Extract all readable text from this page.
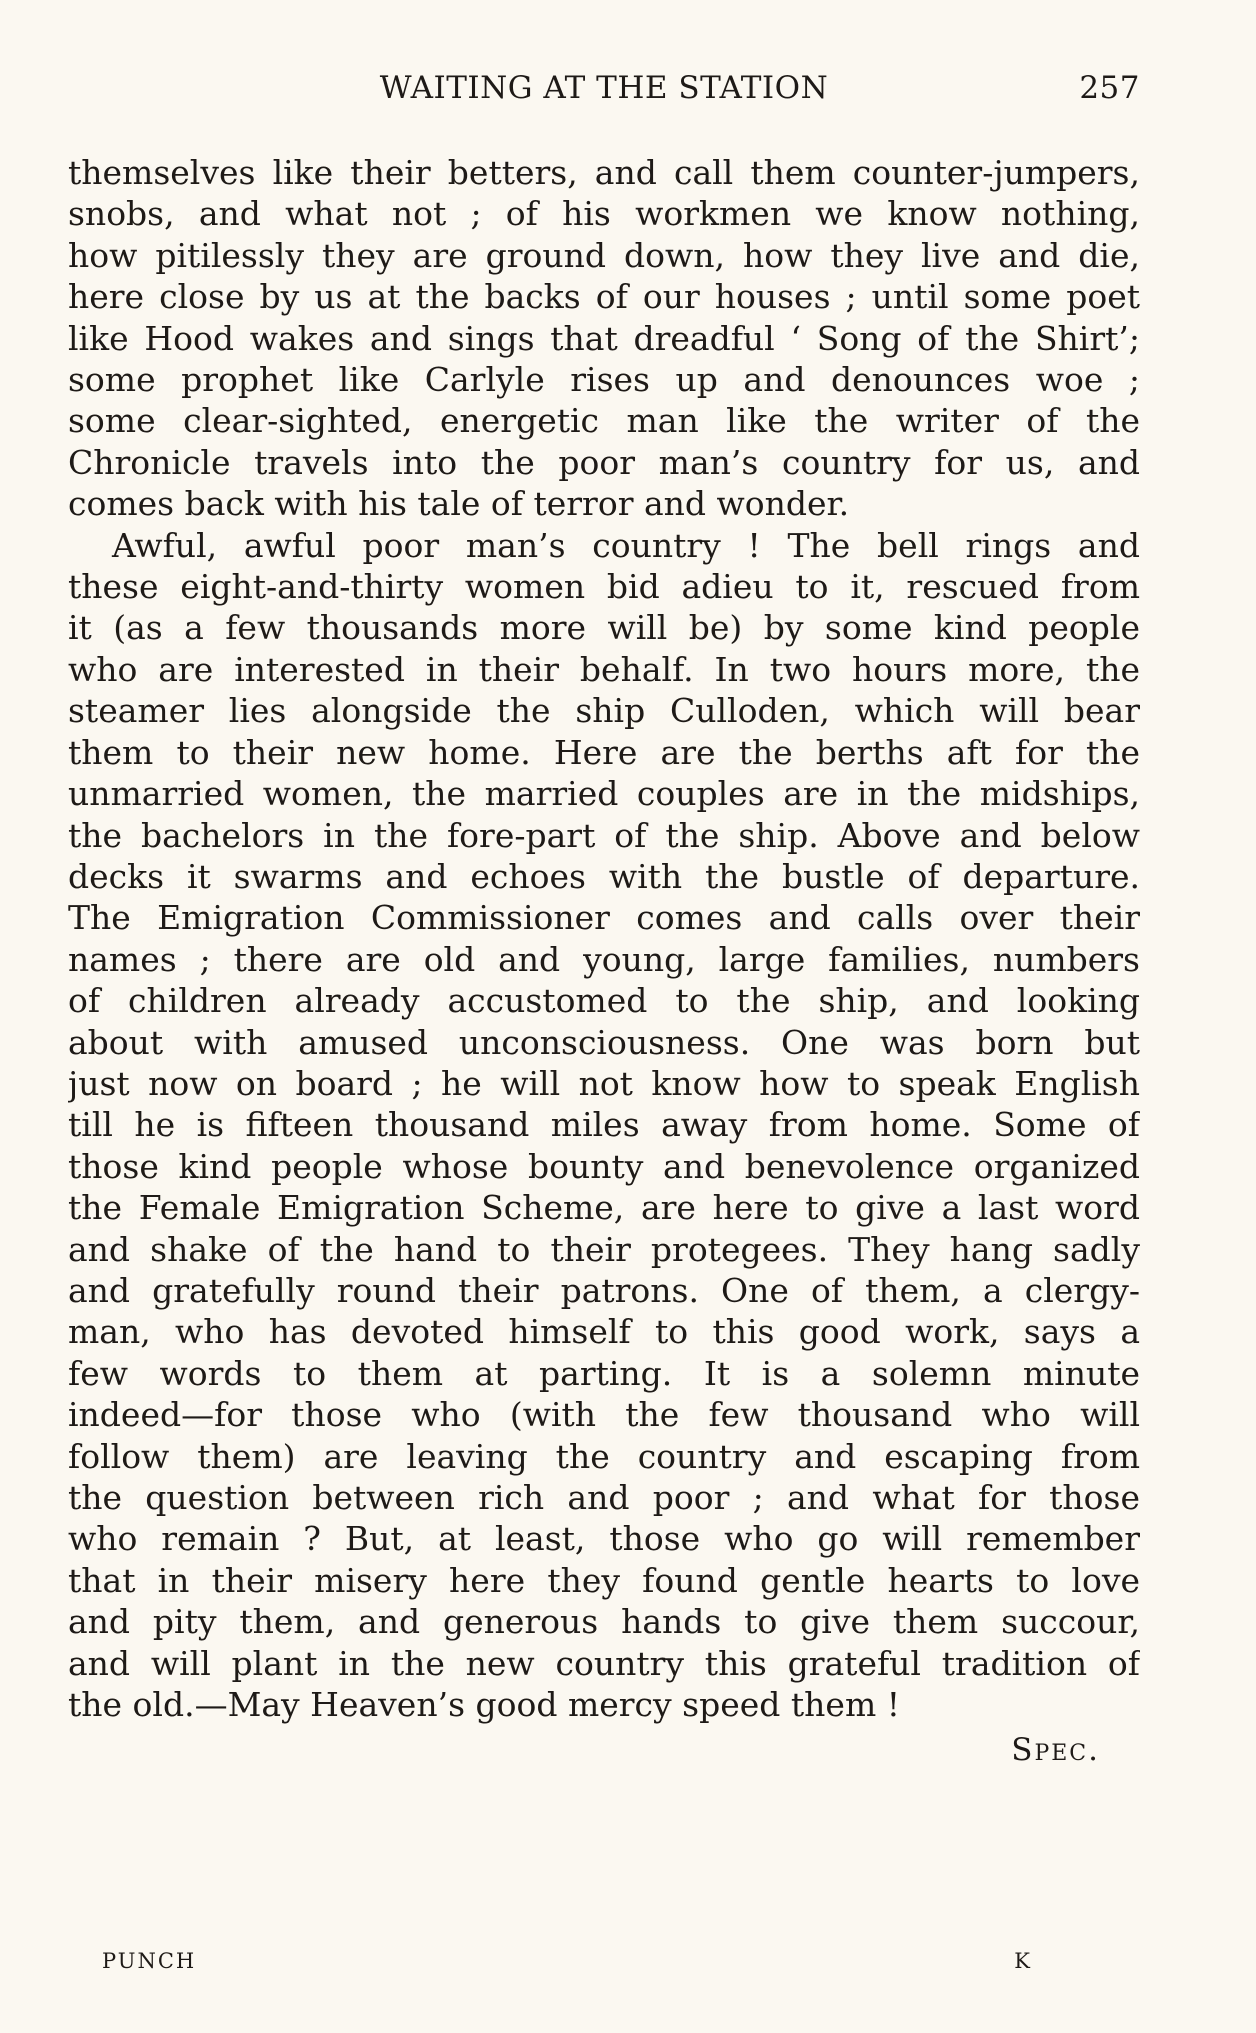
WAITING AT THE STATION	257
themselves like their betters, and call them counter-jumpers,
snobs, and what not ; of his workmen we know nothing,
how pitilessly they are ground down, how they live and die,
here close by us at the backs of our houses ; until some poet
like Hood wakes and sings that dreadful ‘ Song of the Shirt’;
some prophet like Carlyle rises up and denounces woe ;
some clear-sighted, energetic man like the writer of the
Chronicle travels into the poor man’s country for us, and
comes back with his tale of terror and wonder.
Awful, awful poor man’s country ! The bell rings and
these eight-and-thirty women bid adieu to it, rescued from
it (as a few thousands more will be) by some kind people
who are interested in their behalf. In two hours more, the
steamer lies alongside the ship Culloden, which will bear
them to their new home. Here are the berths aft for the
unmarried women, the married couples are in the midships,
the bachelors in the fore-part of the ship. Above and below
decks it swarms and echoes with the bustle of departure.
The Emigration Commissioner comes and calls over their
names ; there are old and young, large families, numbers
of children already accustomed to the ship, and looking
about with amused unconsciousness. One was born but
just now on board ; he will not know how to speak English
till he is fifteen thousand miles away from home. Some of
those kind people whose bounty and benevolence organized
the Female Emigration Scheme, are here to give a last word
and shake of the hand to their protegees. They hang sadly
and gratefully round their patrons. One of them, a clergy-
man, who has devoted himself to this good work, says a
few words to them at parting. It is a solemn minute
indeed—for those who (with the few thousand who will
follow them) are leaving the country and escaping from
the question between rich and poor ; and what for those
who remain ? But, at least, those who go will remember
that in their misery here they found gentle hearts to love
and pity them, and generous hands to give them succour,
and will plant in the new country this grateful tradition of
the old.—May Heaven’s good mercy speed them !
Spec.
PUNCH	K
